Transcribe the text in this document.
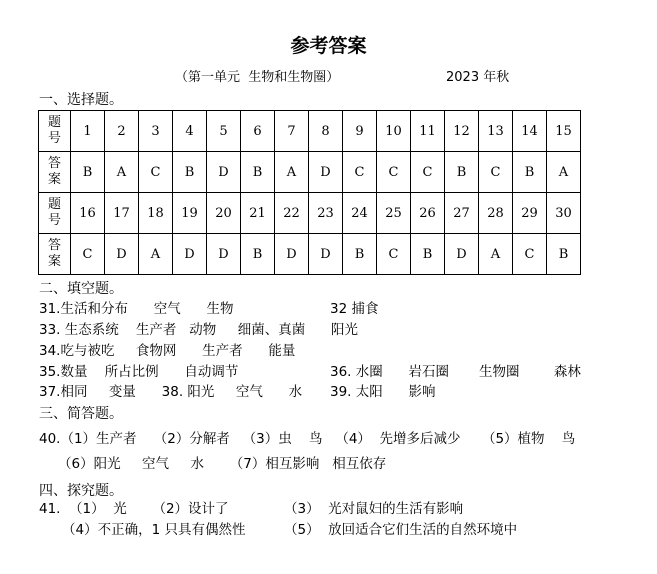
参考答案
（第一单元  生物和生物圈）	2023 年秋
一、选择题。
题
号	1	2	3	4	5	6	7	8	9	10	11	12	13	14	15
答
案	B	A	C	B	D	B	A	D	C	C	C	B	C	B	A
题
号	16	17	18	19	20	21	22	23	24	25	26	27	28	29	30
答
案	C	D	A	D	D	B	D	D	B	C	B	D	A	C	B
二、填空题。
31.生活和分布      空气      生物	32 捕食
33. 生态系统    生产者   动物     细菌、真菌      阳光
34.吃与被吃     食物网      生产者      能量
35.数量    所占比例      自动调节	36. 水圈      岩石圈       生物圈        森林
37.相同     变量      38. 阳光     空气      水 39. 太阳      影响
三、简答题。
40.（1）生产者    （2）分解者   （3）虫    鸟   （4）  先增多后减少     （5）植物    鸟
（6）阳光     空气     水      （7）相互影响   相互依存
四、探究题。
41.  （1）  光      （2）设计了	（3）  光对鼠妇的生活有影响
（4）不正确，1 只具有偶然性	（5）  放回适合它们生活的自然环境中
